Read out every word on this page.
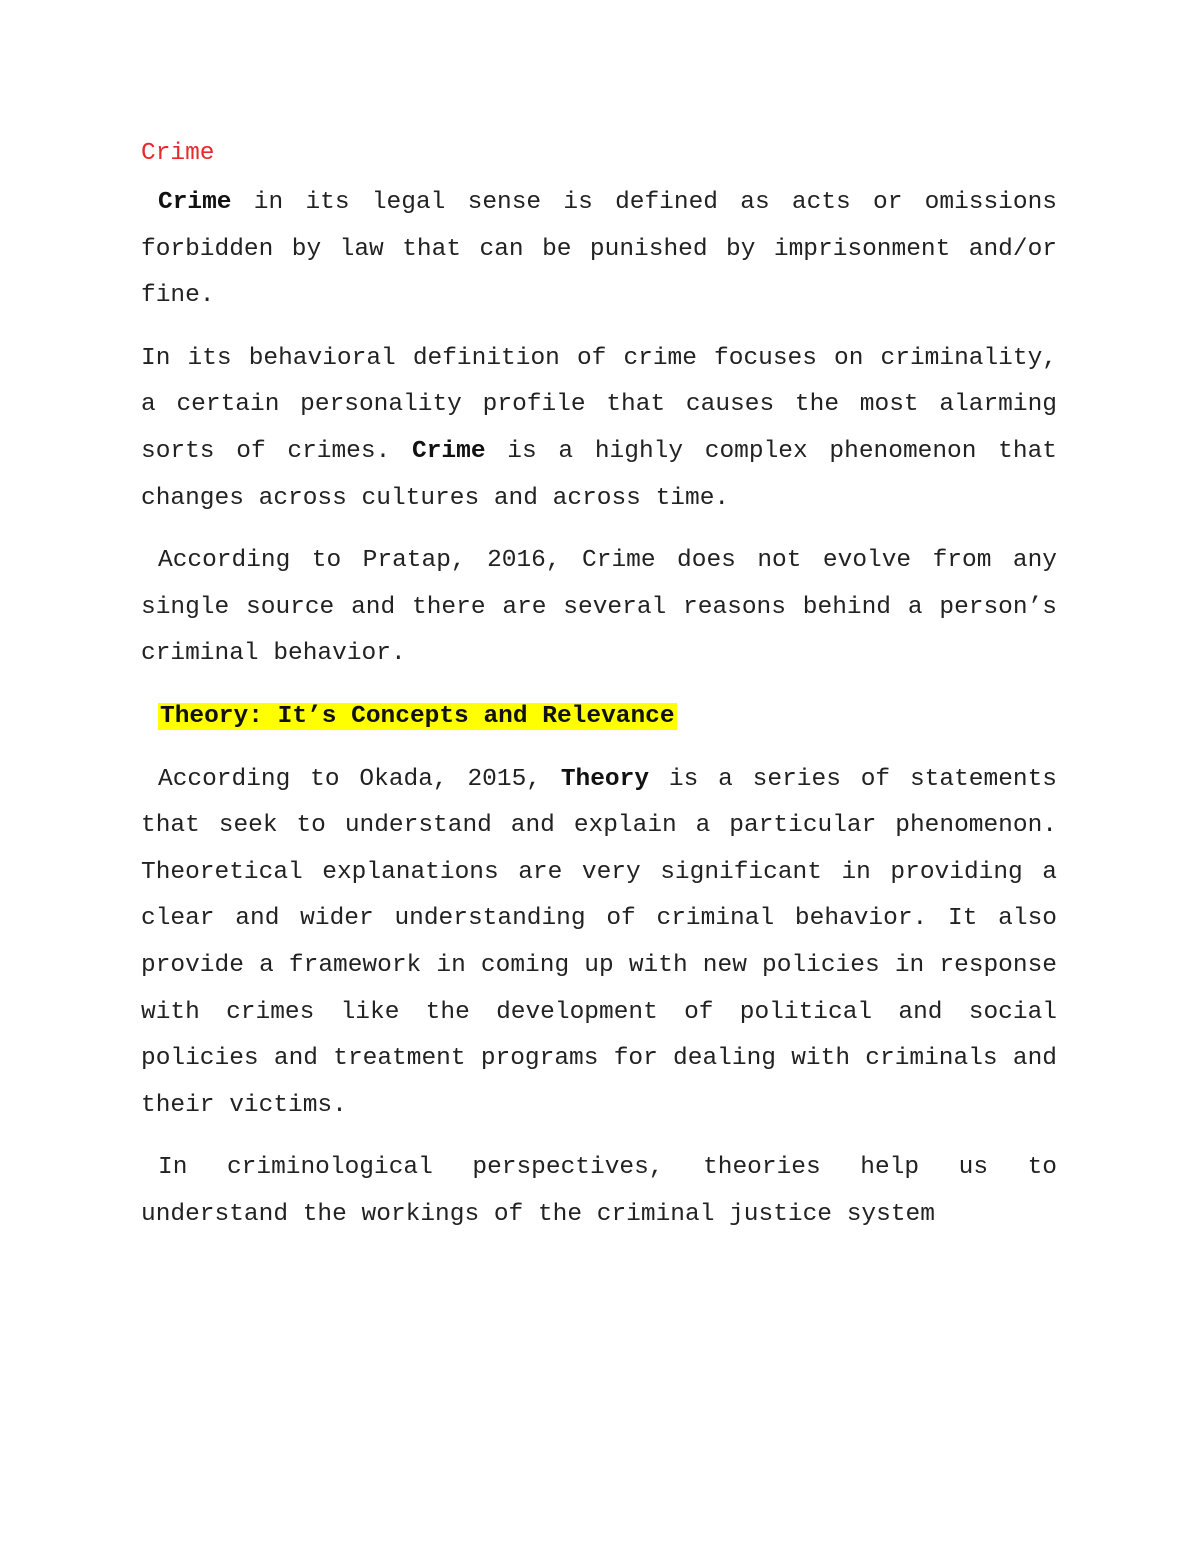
Crime

Crime in its legal sense is defined as acts or omissions forbidden by law that can be punished by imprisonment and/or fine.

In its behavioral definition of crime focuses on criminality, a certain personality profile that causes the most alarming sorts of crimes. Crime is a highly complex phenomenon that changes across cultures and across time.

According to Pratap, 2016, Crime does not evolve from any single source and there are several reasons behind a person’s criminal behavior.

Theory: It’s Concepts and Relevance

According to Okada, 2015, Theory is a series of statements that seek to understand and explain a particular phenomenon. Theoretical explanations are very significant in providing a clear and wider understanding of criminal behavior. It also provide a framework in coming up with new policies in response with crimes like the development of political and social policies and treatment programs for dealing with criminals and their victims.

In criminological perspectives, theories help us to understand the workings of the criminal justice system
